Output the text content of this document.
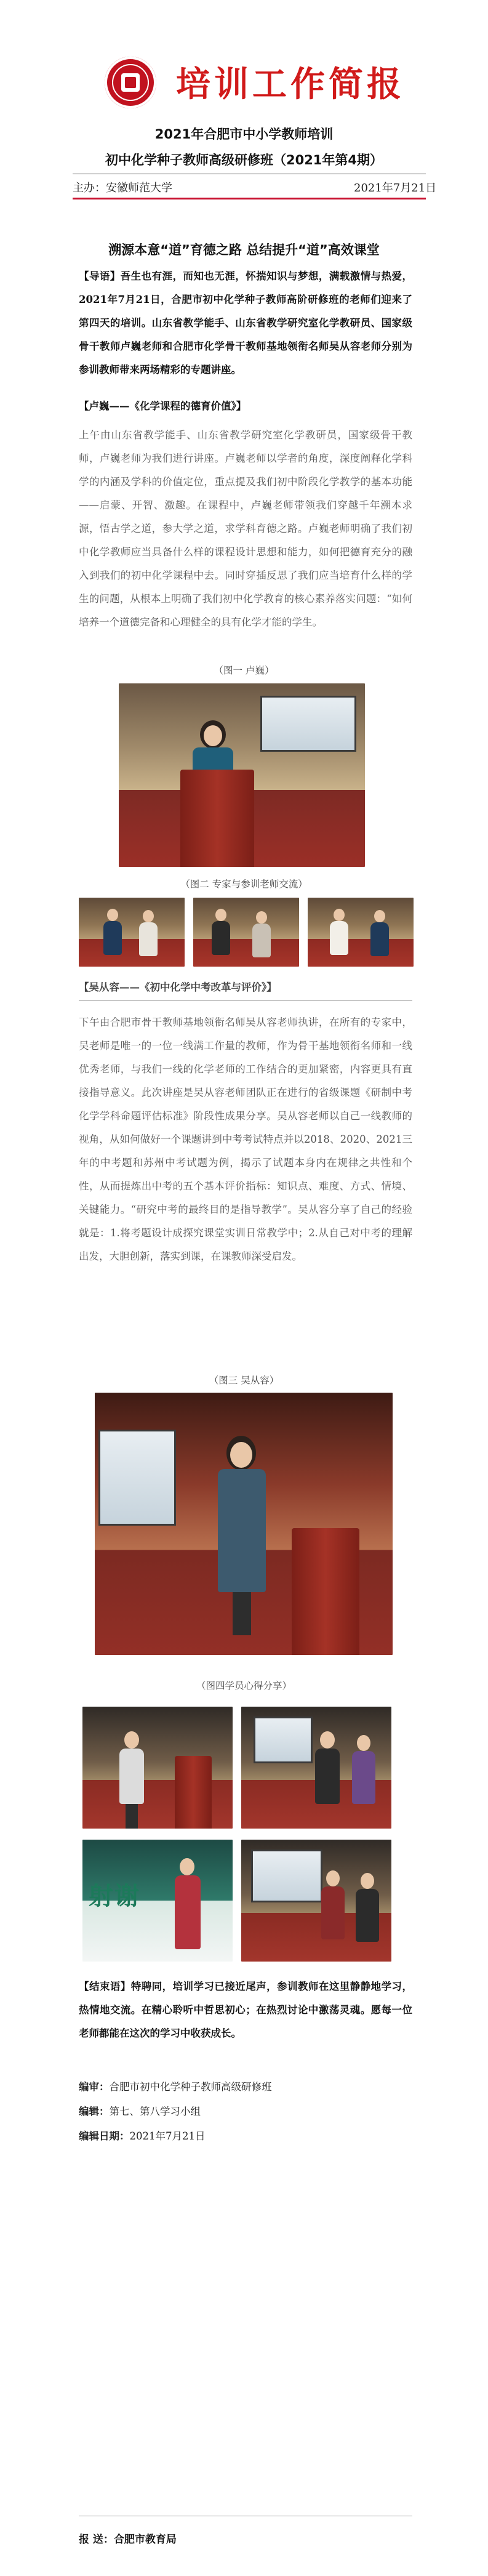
培训工作简报
2021年合肥市中小学教师培训
初中化学种子教师高级研修班（2021年第4期）
主办：安徽师范大学	2021年7月21日
溯源本意“道”育德之路 总结提升“道”高效课堂
【导语】吾生也有涯，而知也无涯，怀揣知识与梦想，满载激情与热爱，2021年7月21日，合肥市初中化学种子教师高阶研修班的老师们迎来了第四天的培训。山东省教学能手、山东省教学研究室化学教研员、国家级骨干教师卢巍老师和合肥市化学骨干教师基地领衔名师吴从容老师分别为参训教师带来两场精彩的专题讲座。
【卢巍——《化学课程的德育价值》】
上午由山东省教学能手、山东省教学研究室化学教研员，国家级骨干教师，卢巍老师为我们进行讲座。卢巍老师以学者的角度，深度阐释化学科学的内涵及学科的价值定位，重点提及我们初中阶段化学教学的基本功能——启蒙、开智、激趣。在课程中，卢巍老师带领我们穿越千年溯本求源，悟古学之道，参大学之道，求学科育德之路。卢巍老师明确了我们初中化学教师应当具备什么样的课程设计思想和能力，如何把德育充分的融入到我们的初中化学课程中去。同时穿插反思了我们应当培育什么样的学生的问题，从根本上明确了我们初中化学教育的核心素养落实问题：“如何培养一个道德完备和心理健全的具有化学才能的学生。
（图一 卢巍）
（图二 专家与参训老师交流）
【吴从容——《初中化学中考改革与评价》】
下午由合肥市骨干教师基地领衔名师吴从容老师执讲，在所有的专家中，吴老师是唯一的一位一线满工作量的教师，作为骨干基地领衔名师和一线优秀老师，与我们一线的化学老师的工作结合的更加紧密，内容更具有直接指导意义。此次讲座是吴从容老师团队正在进行的省级课题《研制中考化学学科命题评估标准》阶段性成果分享。吴从容老师以自己一线教师的视角，从如何做好一个课题讲到中考考试特点并以2018、2020、2021三年的中考题和苏州中考试题为例，揭示了试题本身内在规律之共性和个性，从而提炼出中考的五个基本评价指标：知识点、难度、方式、情境、关键能力。“研究中考的最终目的是指导教学”。吴从容分享了自己的经验就是：1.将考题设计成探究课堂实训日常教学中；2.从自己对中考的理解出发，大胆创新，落实到课，在课教师深受启发。
（图三 吴从容）
（图四学员心得分享）
射谢
【结束语】特聘同，培训学习已接近尾声，参训教师在这里静静地学习，热情地交流。在精心聆听中哲思初心；在热烈讨论中激荡灵魂。愿每一位老师都能在这次的学习中收获成长。
编审：合肥市初中化学种子教师高级研修班
编辑：第七、第八学习小组
编辑日期：2021年7月21日
报 送：合肥市教育局
